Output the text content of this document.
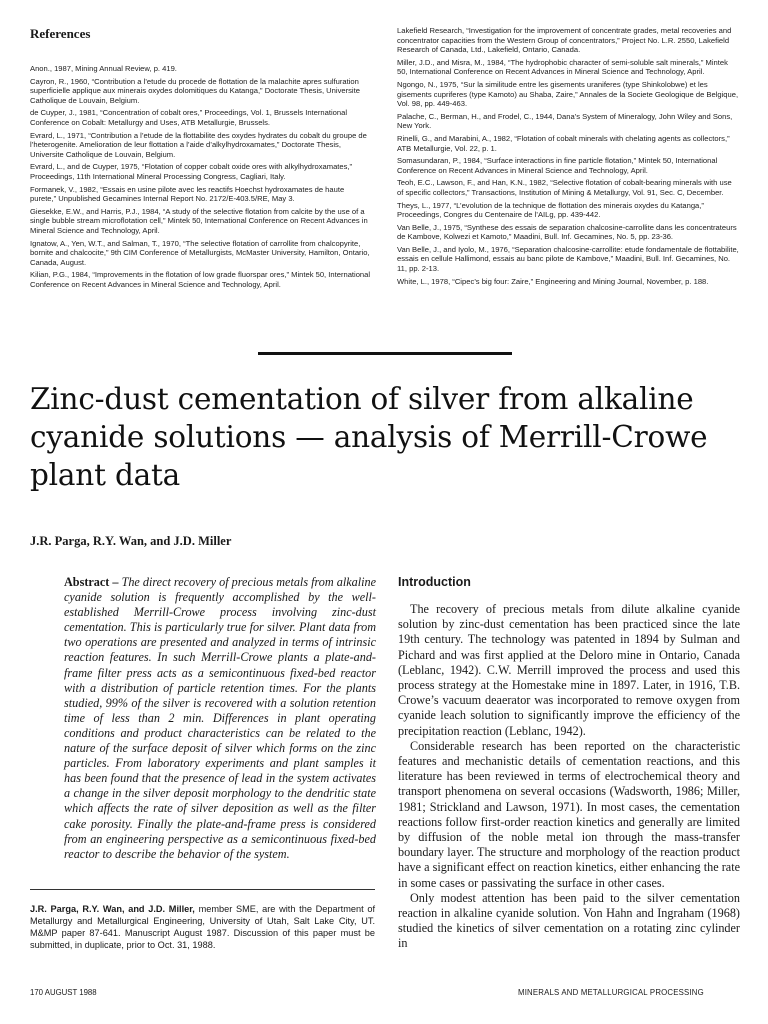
References
Anon., 1987, Mining Annual Review, p. 419.
Cayron, R., 1960, “Contribution a l’etude du procede de flottation de la malachite apres sulfuration superficielle applique aux minerais oxydes dolomitiques du Katanga,” Doctorate Thesis, Universite Catholique de Louvain, Belgium.
de Cuyper, J., 1981, “Concentration of cobalt ores,” Proceedings, Vol. 1, Brussels International Conference on Cobalt: Metallurgy and Uses, ATB Metallurgie, Brussels.
Evrard, L., 1971, “Contribution a l’etude de la flottabilite des oxydes hydrates du cobalt du groupe de l’heterogenite. Amelioration de leur flottation a l’aide d’alkylhydroxamates,” Doctorate Thesis, Universite Catholique de Louvain, Belgium.
Evrard, L., and de Cuyper, 1975, “Flotation of copper cobalt oxide ores with alkylhydroxamates,” Proceedings, 11th International Mineral Processing Congress, Cagliari, Italy.
Formanek, V., 1982, “Essais en usine pilote avec les reactifs Hoechst hydroxamates de haute purete,” Unpublished Gecamines Internal Report No. 2172/E-403.5/RE, May 3.
Giesekke, E.W., and Harris, P.J., 1984, “A study of the selective flotation from calcite by the use of a single bubble stream microflotation cell,” Mintek 50, International Conference on Recent Advances in Mineral Science and Technology, April.
Ignatow, A., Yen, W.T., and Salman, T., 1970, “The selective flotation of carrollite from chalcopyrite, bornite and chalcocite,” 9th CIM Conference of Metallurgists, McMaster University, Hamilton, Ontario, Canada, August.
Kilian, P.G., 1984, “Improvements in the flotation of low grade fluorspar ores,” Mintek 50, International Conference on Recent Advances in Mineral Science and Technology, April.
Lakefield Research, “Investigation for the improvement of concentrate grades, metal recoveries and concentrator capacities from the Western Group of concentrators,” Project No. L.R. 2550, Lakefield Research of Canada, Ltd., Lakefield, Ontario, Canada.
Miller, J.D., and Misra, M., 1984, “The hydrophobic character of semi-soluble salt minerals,” Mintek 50, International Conference on Recent Advances in Mineral Science and Technology, April.
Ngongo, N., 1975, “Sur la similitude entre les gisements uraniferes (type Shinkolobwe) et les gisements cupriferes (type Kamoto) au Shaba, Zaire,” Annales de la Societe Geologique de Belgique, Vol. 98, pp. 449-463.
Palache, C., Berman, H., and Frodel, C., 1944, Dana’s System of Mineralogy, John Wiley and Sons, New York.
Rinelli, G., and Marabini, A., 1982, “Flotation of cobalt minerals with chelating agents as collectors,” ATB Metallurgie, Vol. 22, p. 1.
Somasundaran, P., 1984, “Surface interactions in fine particle flotation,” Mintek 50, International Conference on Recent Advances in Mineral Science and Technology, April.
Teoh, E.C., Lawson, F., and Han, K.N., 1982, “Selective flotation of cobalt-bearing minerals with use of specific collectors,” Transactions, Institution of Mining & Metallurgy, Vol. 91, Sec. C, December.
Theys, L., 1977, “L’evolution de la technique de flottation des minerais oxydes du Katanga,” Proceedings, Congres du Centenaire de l’AILg, pp. 439-442.
Van Belle, J., 1975, “Synthese des essais de separation chalcosine-carrollite dans les concentrateurs de Kambove, Kolwezi et Kamoto,” Maadini, Bull. Inf. Gecamines, No. 5, pp. 23-36.
Van Belle, J., and Iyolo, M., 1976, “Separation chalcosine-carrollite: etude fondamentale de flottabilite, essais en cellule Hallimond, essais au banc pilote de Kambove,” Maadini, Bull. Inf. Gecamines, No. 11, pp. 2-13.
White, L., 1978, “Cipec’s big four: Zaire,” Engineering and Mining Journal, November, p. 188.
Zinc-dust cementation of silver from alkaline cyanide solutions — analysis of Merrill-Crowe plant data
J.R. Parga, R.Y. Wan, and J.D. Miller
Abstract – The direct recovery of precious metals from alkaline cyanide solution is frequently accomplished by the well-established Merrill-Crowe process involving zinc-dust cementation. This is particularly true for silver. Plant data from two operations are presented and analyzed in terms of intrinsic reaction features. In such Merrill-Crowe plants a plate-and-frame filter press acts as a semicontinuous fixed-bed reactor with a distribution of particle retention times. For the plants studied, 99% of the silver is recovered with a solution retention time of less than 2 min. Differences in plant operating conditions and product characteristics can be related to the nature of the surface deposit of silver which forms on the zinc particles. From laboratory experiments and plant samples it has been found that the presence of lead in the system activates a change in the silver deposit morphology to the dendritic state which affects the rate of silver deposition as well as the filter cake porosity. Finally the plate-and-frame press is considered from an engineering perspective as a semicontinuous fixed-bed reactor to describe the behavior of the system.
J.R. Parga, R.Y. Wan, and J.D. Miller, member SME, are with the Department of Metallurgy and Metallurgical Engineering, University of Utah, Salt Lake City, UT. M&MP paper 87-641. Manuscript August 1987. Discussion of this paper must be submitted, in duplicate, prior to Oct. 31, 1988.
Introduction

The recovery of precious metals from dilute alkaline cyanide solution by zinc-dust cementation has been practiced since the late 19th century. The technology was patented in 1894 by Sulman and Pichard and was first applied at the Deloro mine in Ontario, Canada (Leblanc, 1942). C.W. Merrill improved the process and used this process strategy at the Homestake mine in 1897. Later, in 1916, T.B. Crowe’s vacuum deaerator was incorporated to remove oxygen from cyanide leach solution to significantly improve the efficiency of the precipitation reaction (Leblanc, 1942).

Considerable research has been reported on the characteristic features and mechanistic details of cementation reactions, and this literature has been reviewed in terms of electrochemical theory and transport phenomena on several occasions (Wadsworth, 1986; Miller, 1981; Strickland and Lawson, 1971). In most cases, the cementation reactions follow first-order reaction kinetics and generally are limited by diffusion of the noble metal ion through the mass-transfer boundary layer. The structure and morphology of the reaction product have a significant effect on reaction kinetics, either enhancing the rate in some cases or passivating the surface in other cases.

Only modest attention has been paid to the silver cementation reaction in alkaline cyanide solution. Von Hahn and Ingraham (1968) studied the kinetics of silver cementation on a rotating zinc cylinder in

170 AUGUST 1988	MINERALS AND METALLURGICAL PROCESSING
